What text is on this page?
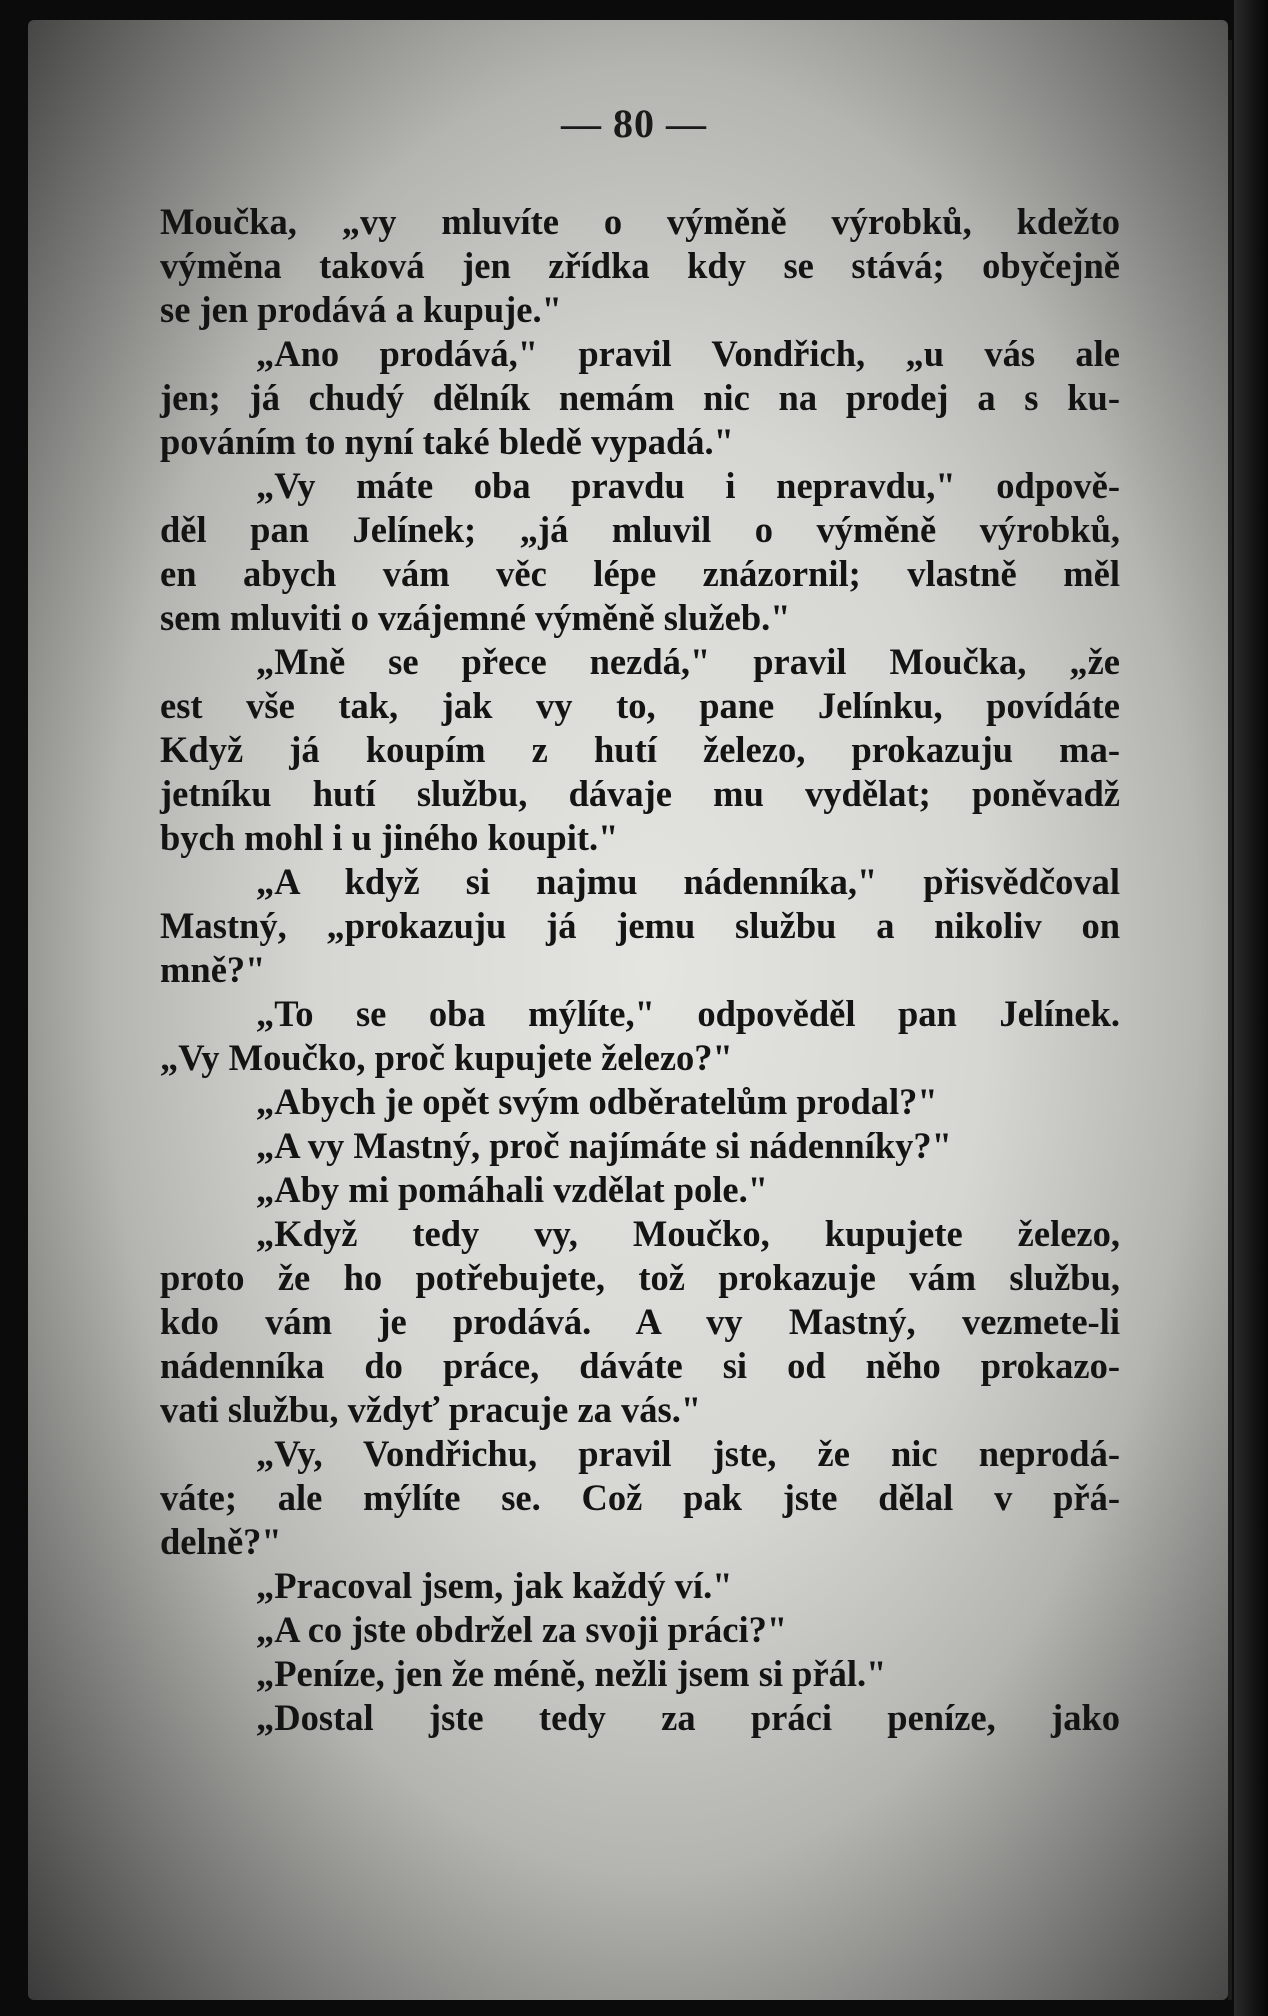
— 80 —
Moučka, „vy mluvíte o výměně výrobků, kdežto
výměna taková jen zřídka kdy se stává; obyčejně
se jen prodává a kupuje."
„Ano prodává," pravil Vondřich, „u vás ale
jen; já chudý dělník nemám nic na prodej a s ku-
pováním to nyní také bledě vypadá."
„Vy máte oba pravdu i nepravdu," odpově-
děl pan Jelínek; „já mluvil o výměně výrobků,
en abych vám věc lépe znázornil; vlastně měl
sem mluviti o vzájemné výměně služeb."
„Mně se přece nezdá," pravil Moučka, „že
est vše tak, jak vy to, pane Jelínku, povídáte
Když já koupím z hutí železo, prokazuju ma-
jetníku hutí službu, dávaje mu vydělat; poněvadž
bych mohl i u jiného koupit."
„A když si najmu nádenníka," přisvědčoval
Mastný, „prokazuju já jemu službu a nikoliv on
mně?"
„To se oba mýlíte," odpověděl pan Jelínek.
„Vy Moučko, proč kupujete železo?"
„Abych je opět svým odběratelům prodal?"
„A vy Mastný, proč najímáte si nádenníky?"
„Aby mi pomáhali vzdělat pole."
„Když tedy vy, Moučko, kupujete železo,
proto že ho potřebujete, tož prokazuje vám službu,
kdo vám je prodává. A vy Mastný, vezmete-li
nádenníka do práce, dáváte si od něho prokazo-
vati službu, vždyť pracuje za vás."
„Vy, Vondřichu, pravil jste, že nic neprodá-
váte; ale mýlíte se. Což pak jste dělal v přá-
delně?"
„Pracoval jsem, jak každý ví."
„A co jste obdržel za svoji práci?"
„Peníze, jen že méně, nežli jsem si přál."
„Dostal jste tedy za práci peníze, jako
